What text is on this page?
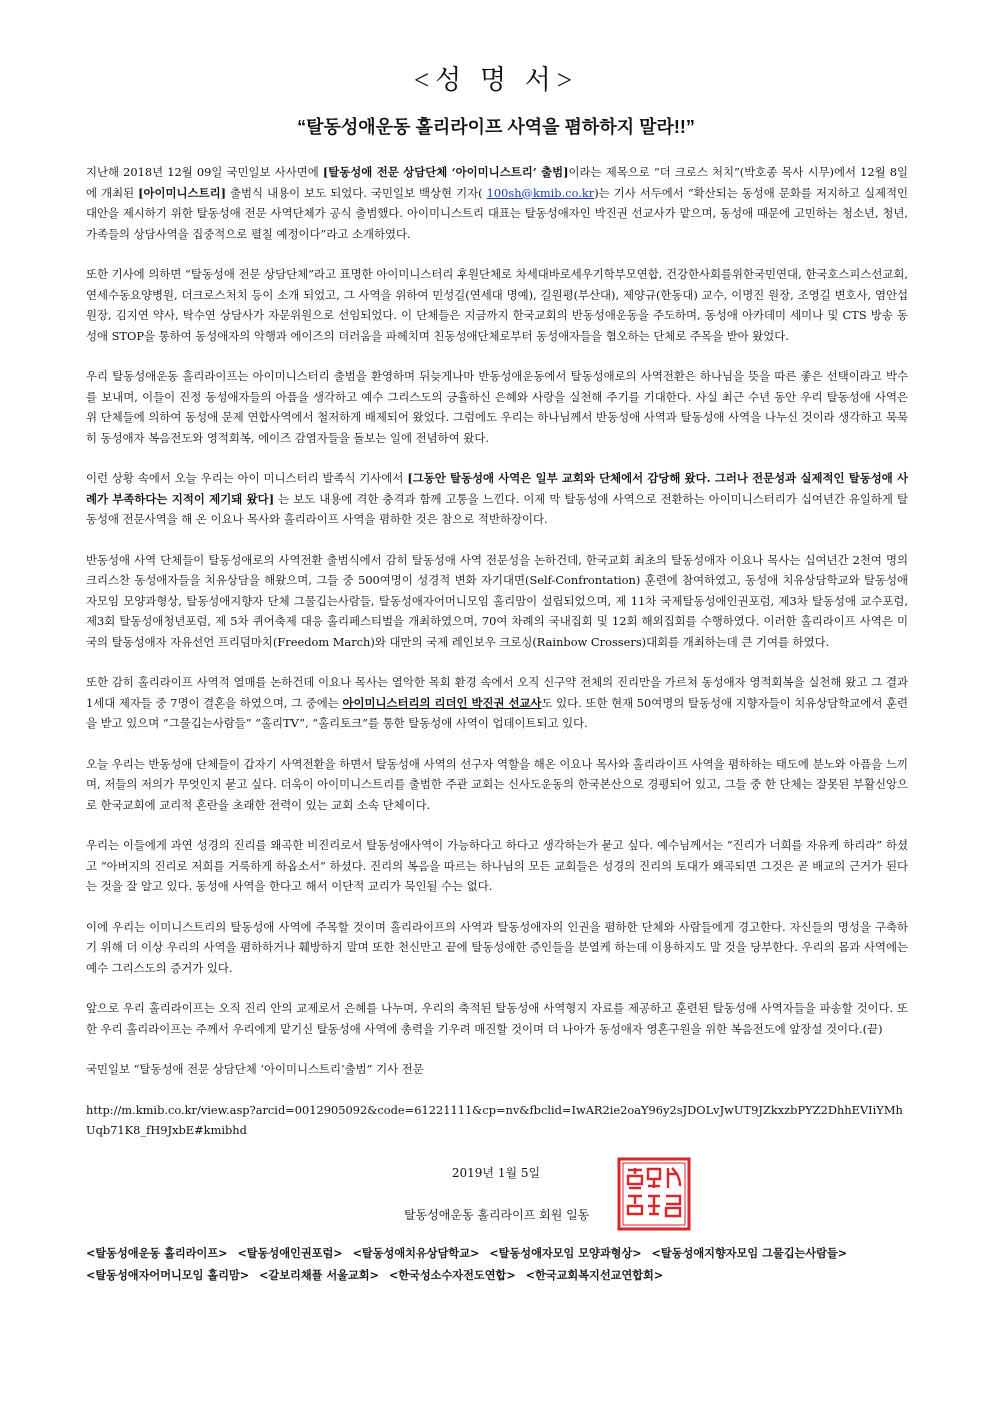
<성 명 서>
“탈동성애운동 홀리라이프 사역을 폄하하지 말라!!”

지난해 2018년 12월 09일 국민일보 사사면에 [탈동성애 전문 상담단체 ‘아이미니스트리’ 출범]이라는 제목으로 “더 크로스 처치”(박호종 목사 시무)에서 12월 8일에 개최된 [아이미니스트리] 출범식 내용이 보도 되었다. 국민일보 백상현 기자( 100sh@kmib.co.kr)는 기사 서두에서 “확산되는 동성애 문화를 저지하고 실제적인 대안을 제시하기 위한 탈동성애 전문 사역단체가 공식 출범했다. 아이미니스트리 대표는 탈동성애자인 박진권 선교사가 맡으며, 동성애 때문에 고민하는 청소년, 청년, 가족들의 상담사역을 집중적으로 펼칠 예정이다”라고 소개하였다.

또한 기사에 의하면 “탈동성애 전문 상담단체”라고 표명한 아이미니스터리 후원단체로 차세대바로세우기학부모연합, 건강한사회를위한국민연대, 한국호스피스선교회, 연세수동요양병원, 더크로스처치 등이 소개 되었고, 그 사역을 위하여 민성길(연세대 명예), 길원평(부산대), 제양규(한동대) 교수, 이명진 원장, 조영길 변호사, 염안섭 원장, 김지연 약사, 탁수연 상담사가 자문위원으로 선임되었다. 이 단체들은 지금까지 한국교회의 반동성애운동을 주도하며, 동성애 아카데미 세미나 및 CTS 방송 동성애 STOP을 통하여 동성애자의 악행과 에이즈의 더러움을 파헤치며 친동성애단체로부터 동성애자들을 혐오하는 단체로 주목을 받아 왔었다.

우리 탈동성애운동 홀리라이프는 아이미니스터리 출범을 환영하며 뒤늦게나마 반동성애운동에서 탈동성애로의 사역전환은 하나님을 뜻을 따른 좋은 선택이라고 박수를 보내며, 이들이 진정 동성애자들의 아픔을 생각하고 예수 그리스도의 긍휼하신 은혜와 사랑을 실천해 주기를 기대한다. 사실 최근 수년 동안 우리 탈동성애 사역은 위 단체들에 의하여 동성애 문제 연합사역에서 철저하게 배제되어 왔었다. 그럼에도 우리는 하나님께서 반동성애 사역과 탈동성애 사역을 나누신 것이라 생각하고 묵묵히 동성애자 복음전도와 영적회복, 에이즈 감염자들을 돌보는 일에 전념하여 왔다.

이런 상황 속에서 오늘 우리는 아이 미니스터리 발족식 기사에서 [그동안 탈동성애 사역은 일부 교회와 단체에서 감당해 왔다. 그러나 전문성과 실제적인 탈동성애 사례가 부족하다는 지적이 제기돼 왔다] 는 보도 내용에 격한 충격과 함께 고통을 느낀다. 이제 막 탈동성애 사역으로 전환하는 아이미니스터리가 십여년간 유일하게 탈동성애 전문사역을 해 온 이요나 목사와 홀리라이프 사역을 폄하한 것은 참으로 적반하장이다.

반동성애 사역 단체들이 탈동성애로의 사역전환 출범식에서 감히 탈동성애 사역 전문성을 논하건데, 한국교회 최초의 탈동성애자 이요나 목사는 십여년간 2천여 명의 크리스찬 동성애자들을 치유상담을 해왔으며, 그들 중 500여명이 성경적 변화 자기대면(Self-Confrontation) 훈련에 참여하였고, 동성애 치유상담학교와 탈동성애자모임 모양과형상, 탈동성애지향자 단체 그물깁는사람들, 탈동성애자어머니모임 홀리맘이 설립되었으며, 제 11차 국제탈동성애인권포럼, 제3차 탈동성애 교수포럼, 제3회 탈동성애청년포럼, 제 5차 퀴어축제 대응 홀리페스티벌을 개최하였으며, 70여 차례의 국내집회 및 12회 해외집회를 수행하였다. 이러한 홀리라이프 사역은 미국의 탈동성애자 자유선언 프리덤마치(Freedom March)와 대만의 국제 레인보우 크로싱(Rainbow Crossers)대회를 개최하는데 큰 기여를 하였다.

또한 감히 홀리라이프 사역적 열매를 논하건데 이요나 목사는 열악한 목회 환경 속에서 오직 신구약 전체의 진리만을 가르쳐 동성애자 영적회복을 실천해 왔고 그 결과 1세대 제자들 중 7명이 결혼을 하였으며, 그 중에는 아이미니스터리의 리더인 박진권 선교사도 있다. 또한 현재 50여명의 탈동성애 지향자들이 치유상담학교에서 훈련을 받고 있으며 “그물깁는사람들” “홀리TV”, “홀리토크”를 통한 탈동성애 사역이 업데이트되고 있다.

오늘 우리는 반동성애 단체들이 갑자기 사역전환을 하면서 탈동성애 사역의 선구자 역할을 해온 이요나 목사와 홀리라이프 사역을 폄하하는 태도에 분노와 아픔을 느끼며, 저들의 저의가 무엇인지 묻고 싶다. 더욱이 아이미니스트리를 출범한 주관 교회는 신사도운동의 한국본산으로 경평되어 있고, 그들 중 한 단체는 잘못된 부활신앙으로 한국교회에 교리적 혼란을 초래한 전력이 있는 교회 소속 단체이다.

우리는 이들에게 과연 성경의 진리를 왜곡한 비진리로서 탈동성애사역이 가능하다고 하다고 생각하는가 묻고 싶다. 예수님께서는 “진리가 너희를 자유케 하리라” 하셨고 “아버지의 진리로 저희를 거룩하게 하옵소서” 하셨다. 진리의 복음을 따르는 하나님의 모든 교회들은 성경의 진리의 토대가 왜곡되면 그것은 곧 배교의 근거가 된다는 것을 잘 알고 있다. 동성애 사역을 한다고 해서 이단적 교리가 묵인될 수는 없다.

이에 우리는 이미니스트리의 탈동성애 사역에 주목할 것이며 홀리라이프의 사역과 탈동성애자의 인권을 폄하한 단체와 사람들에게 경고한다. 자신들의 명성을 구축하기 위해 더 이상 우리의 사역을 폄하하거나 훼방하지 말며 또한 천신만고 끝에 탈동성애한 증인들을 분열케 하는데 이용하지도 말 것을 당부한다. 우리의 몸과 사역에는 예수 그리스도의 증거가 있다.

앞으로 우리 홀리라이프는 오직 진리 안의 교제로서 은혜를 나누며, 우리의 축적된 탈동성애 사역형지 자료를 제공하고 훈련된 탈동성애 사역자들을 파송할 것이다. 또한 우리 홀리라이프는 주께서 우리에게 맡기신 탈동성애 사역에 총력을 기우려 매진할 것이며 더 나아가 동성애자 영혼구원을 위한 복음전도에 앞장설 것이다.(끝)

국민일보 “탈동성애 전문 상담단체 ‘아이미니스트리’출범” 기사 전문

http://m.kmib.co.kr/view.asp?arcid=0012905092&code=61221111&cp=nv&fbclid=IwAR2ie2oaY96y2sJDOLvJwUT9JZkxzbPYZ2DhhEVIiYMhUqb71K8_fH9JxbE#kmibhd

2019년 1월 5일
탈동성애운동 홀리라이프 회원 일동
<탈동성애운동 홀리라이프> <탈동성애인권포럼> <탈동성애치유상담학교> <탈동성애자모임 모양과형상> <탈동성애지향자모임 그물깁는사람들> <탈동성애자어머니모임 홀리맘> <갈보리채플 서울교회> <한국성소수자전도연합> <한국교회복지선교연합회>
